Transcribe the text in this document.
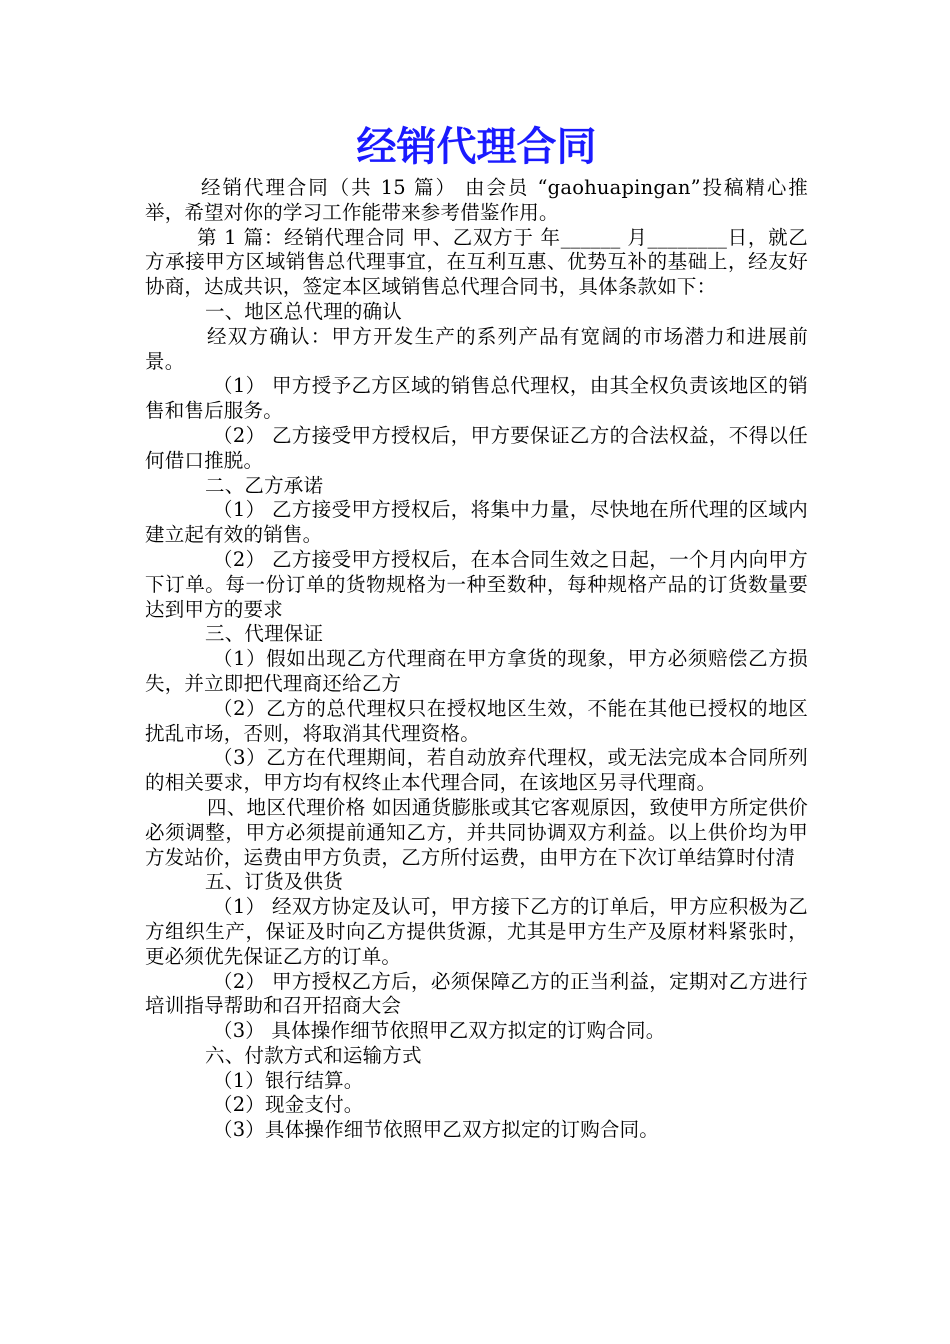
经销代理合同

经销代理合同（共 15 篇） 由会员 “gaohuapingan”投稿精心推举，希望对你的学习工作能带来参考借鉴作用。

第 1 篇：经销代理合同 甲、乙双方于 年______ 月________日，就乙方承接甲方区域销售总代理事宜，在互利互惠、优势互补的基础上，经友好协商，达成共识，签定本区域销售总代理合同书，具体条款如下：

一、地区总代理的确认

经双方确认：甲方开发生产的系列产品有宽阔的市场潜力和进展前景。

（1） 甲方授予乙方区域的销售总代理权，由其全权负责该地区的销售和售后服务。

（2） 乙方接受甲方授权后，甲方要保证乙方的合法权益，不得以任何借口推脱。

二、乙方承诺

（1） 乙方接受甲方授权后，将集中力量，尽快地在所代理的区域内建立起有效的销售。

（2） 乙方接受甲方授权后，在本合同生效之日起，一个月内向甲方下订单。每一份订单的货物规格为一种至数种，每种规格产品的订货数量要达到甲方的要求

三、代理保证

（1）假如出现乙方代理商在甲方拿货的现象，甲方必须赔偿乙方损失，并立即把代理商还给乙方

（2）乙方的总代理权只在授权地区生效，不能在其他已授权的地区扰乱市场，否则，将取消其代理资格。

（3）乙方在代理期间，若自动放弃代理权，或无法完成本合同所列的相关要求，甲方均有权终止本代理合同，在该地区另寻代理商。

四、地区代理价格 如因通货膨胀或其它客观原因，致使甲方所定供价必须调整，甲方必须提前通知乙方，并共同协调双方利益。以上供价均为甲方发站价，运费由甲方负责，乙方所付运费，由甲方在下次订单结算时付清

五、订货及供货

（1） 经双方协定及认可，甲方接下乙方的订单后，甲方应积极为乙方组织生产，保证及时向乙方提供货源，尤其是甲方生产及原材料紧张时，更必须优先保证乙方的订单。

（2） 甲方授权乙方后，必须保障乙方的正当利益，定期对乙方进行培训指导帮助和召开招商大会

（3） 具体操作细节依照甲乙双方拟定的订购合同。

六、付款方式和运输方式

（1）银行结算。

（2）现金支付。

（3）具体操作细节依照甲乙双方拟定的订购合同。
